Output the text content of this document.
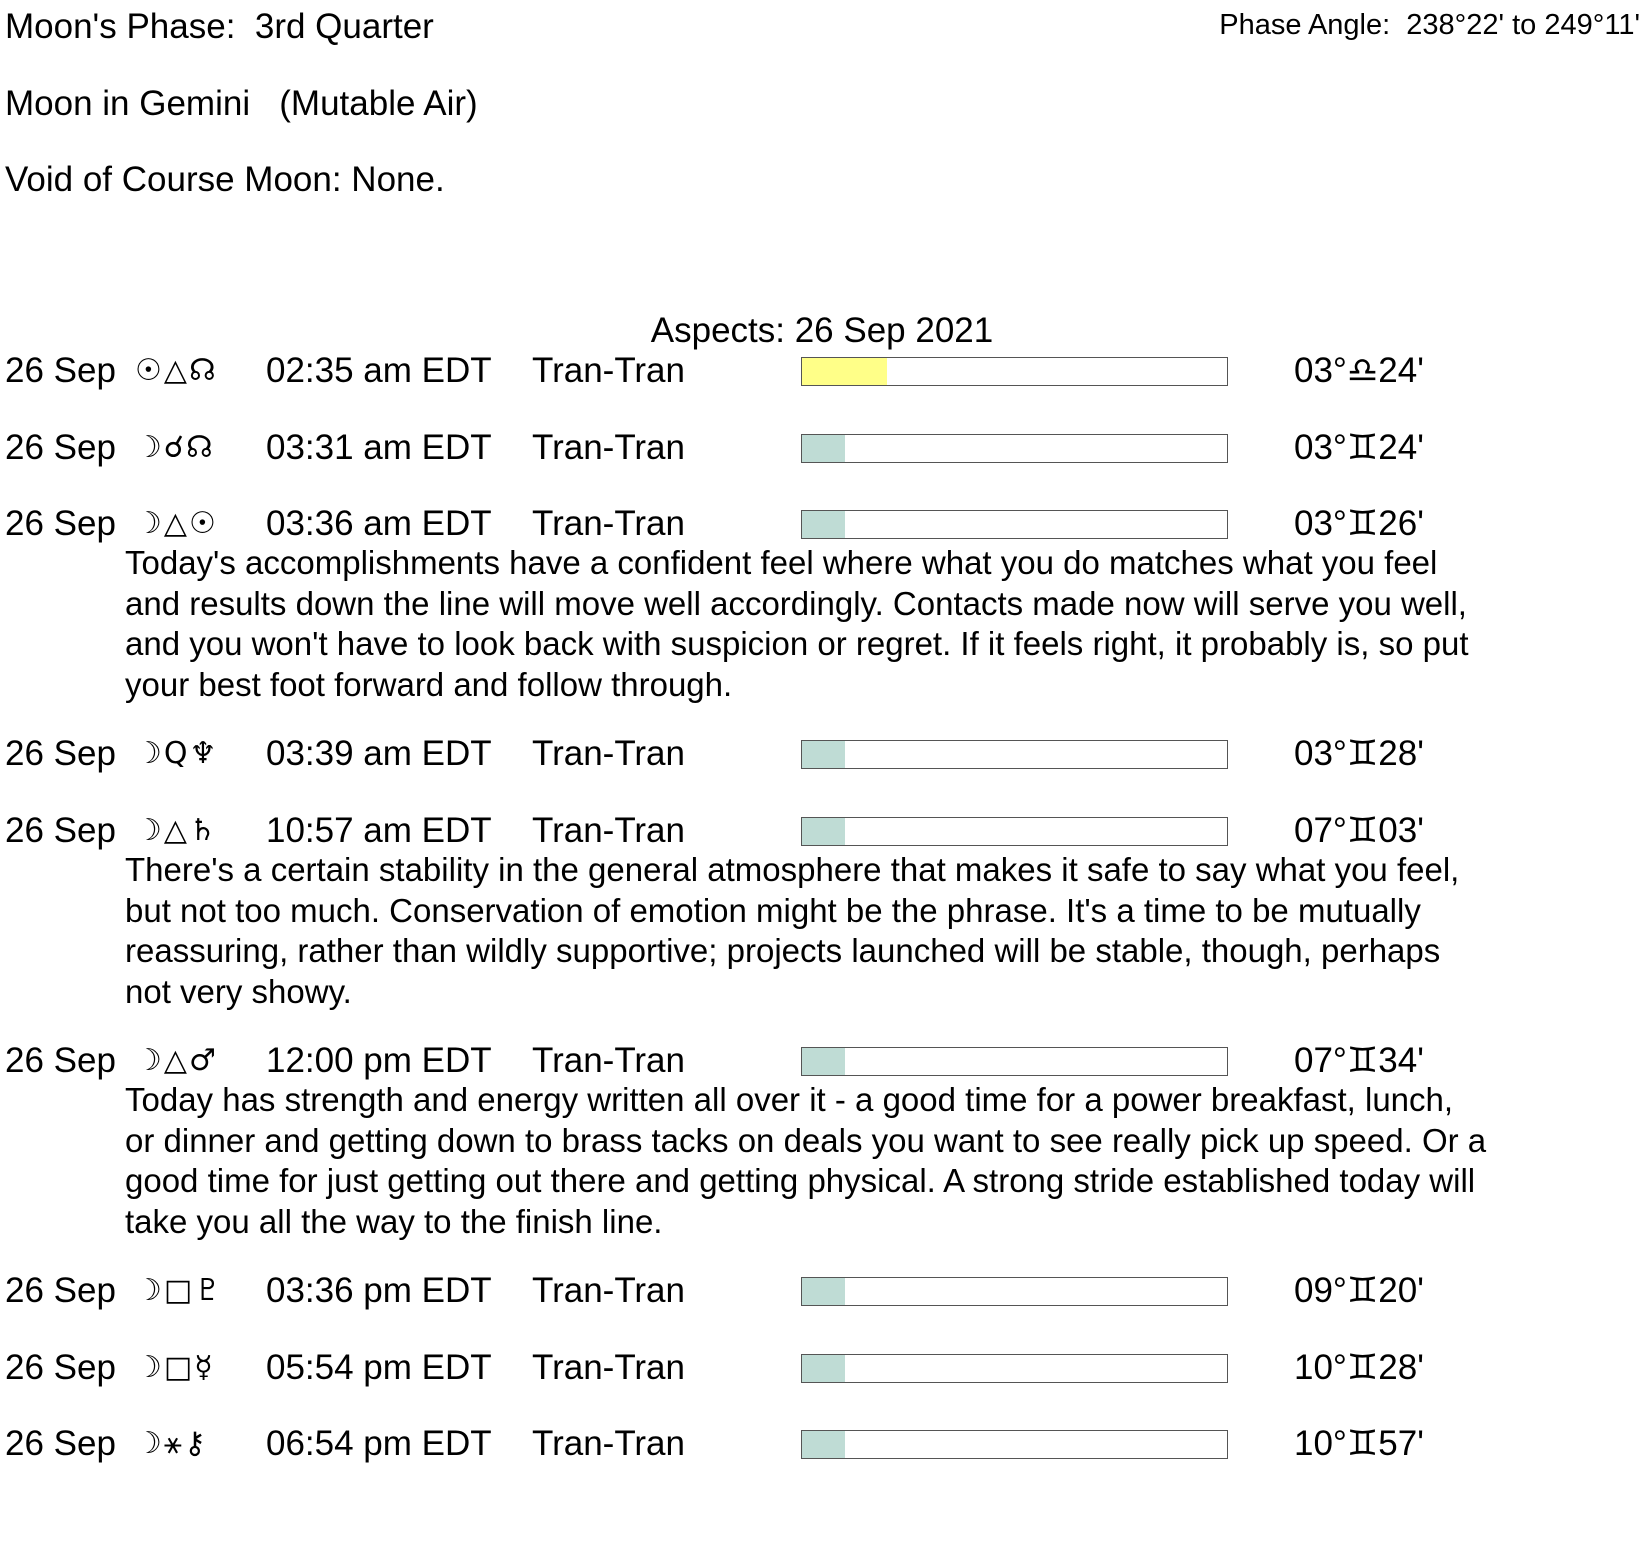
Moon's Phase:  3rd Quarter	Phase Angle:  238°22' to 249°11'
Moon in Gemini   (Mutable Air)
Void of Course Moon: None.
Aspects: 26 Sep 2021
26 Sep ☉△☊	02:35 am EDT Tran-Tran	03°♎24'
26 Sep ☽☌☊	03:31 am EDT Tran-Tran	03°♊24'
26 Sep ☽△☉	03:36 am EDT Tran-Tran	03°♊26'
Today's accomplishments have a confident feel where what you do matches what you feel
and results down the line will move well accordingly. Contacts made now will serve you well,
and you won't have to look back with suspicion or regret. If it feels right, it probably is, so put
your best foot forward and follow through.
26 Sep ☽Q♆	03:39 am EDT Tran-Tran	03°♊28'
26 Sep ☽△♄	10:57 am EDT Tran-Tran	07°♊03'
There's a certain stability in the general atmosphere that makes it safe to say what you feel,
but not too much. Conservation of emotion might be the phrase. It's a time to be mutually
reassuring, rather than wildly supportive; projects launched will be stable, though, perhaps
not very showy.
26 Sep ☽△♂	12:00 pm EDT Tran-Tran	07°♊34'
Today has strength and energy written all over it - a good time for a power breakfast, lunch,
or dinner and getting down to brass tacks on deals you want to see really pick up speed. Or a
good time for just getting out there and getting physical. A strong stride established today will
take you all the way to the finish line.
26 Sep ☽□♇	03:36 pm EDT Tran-Tran	09°♊20'
26 Sep ☽□☿	05:54 pm EDT Tran-Tran	10°♊28'
26 Sep ☽⚹⚷	06:54 pm EDT Tran-Tran	10°♊57'
